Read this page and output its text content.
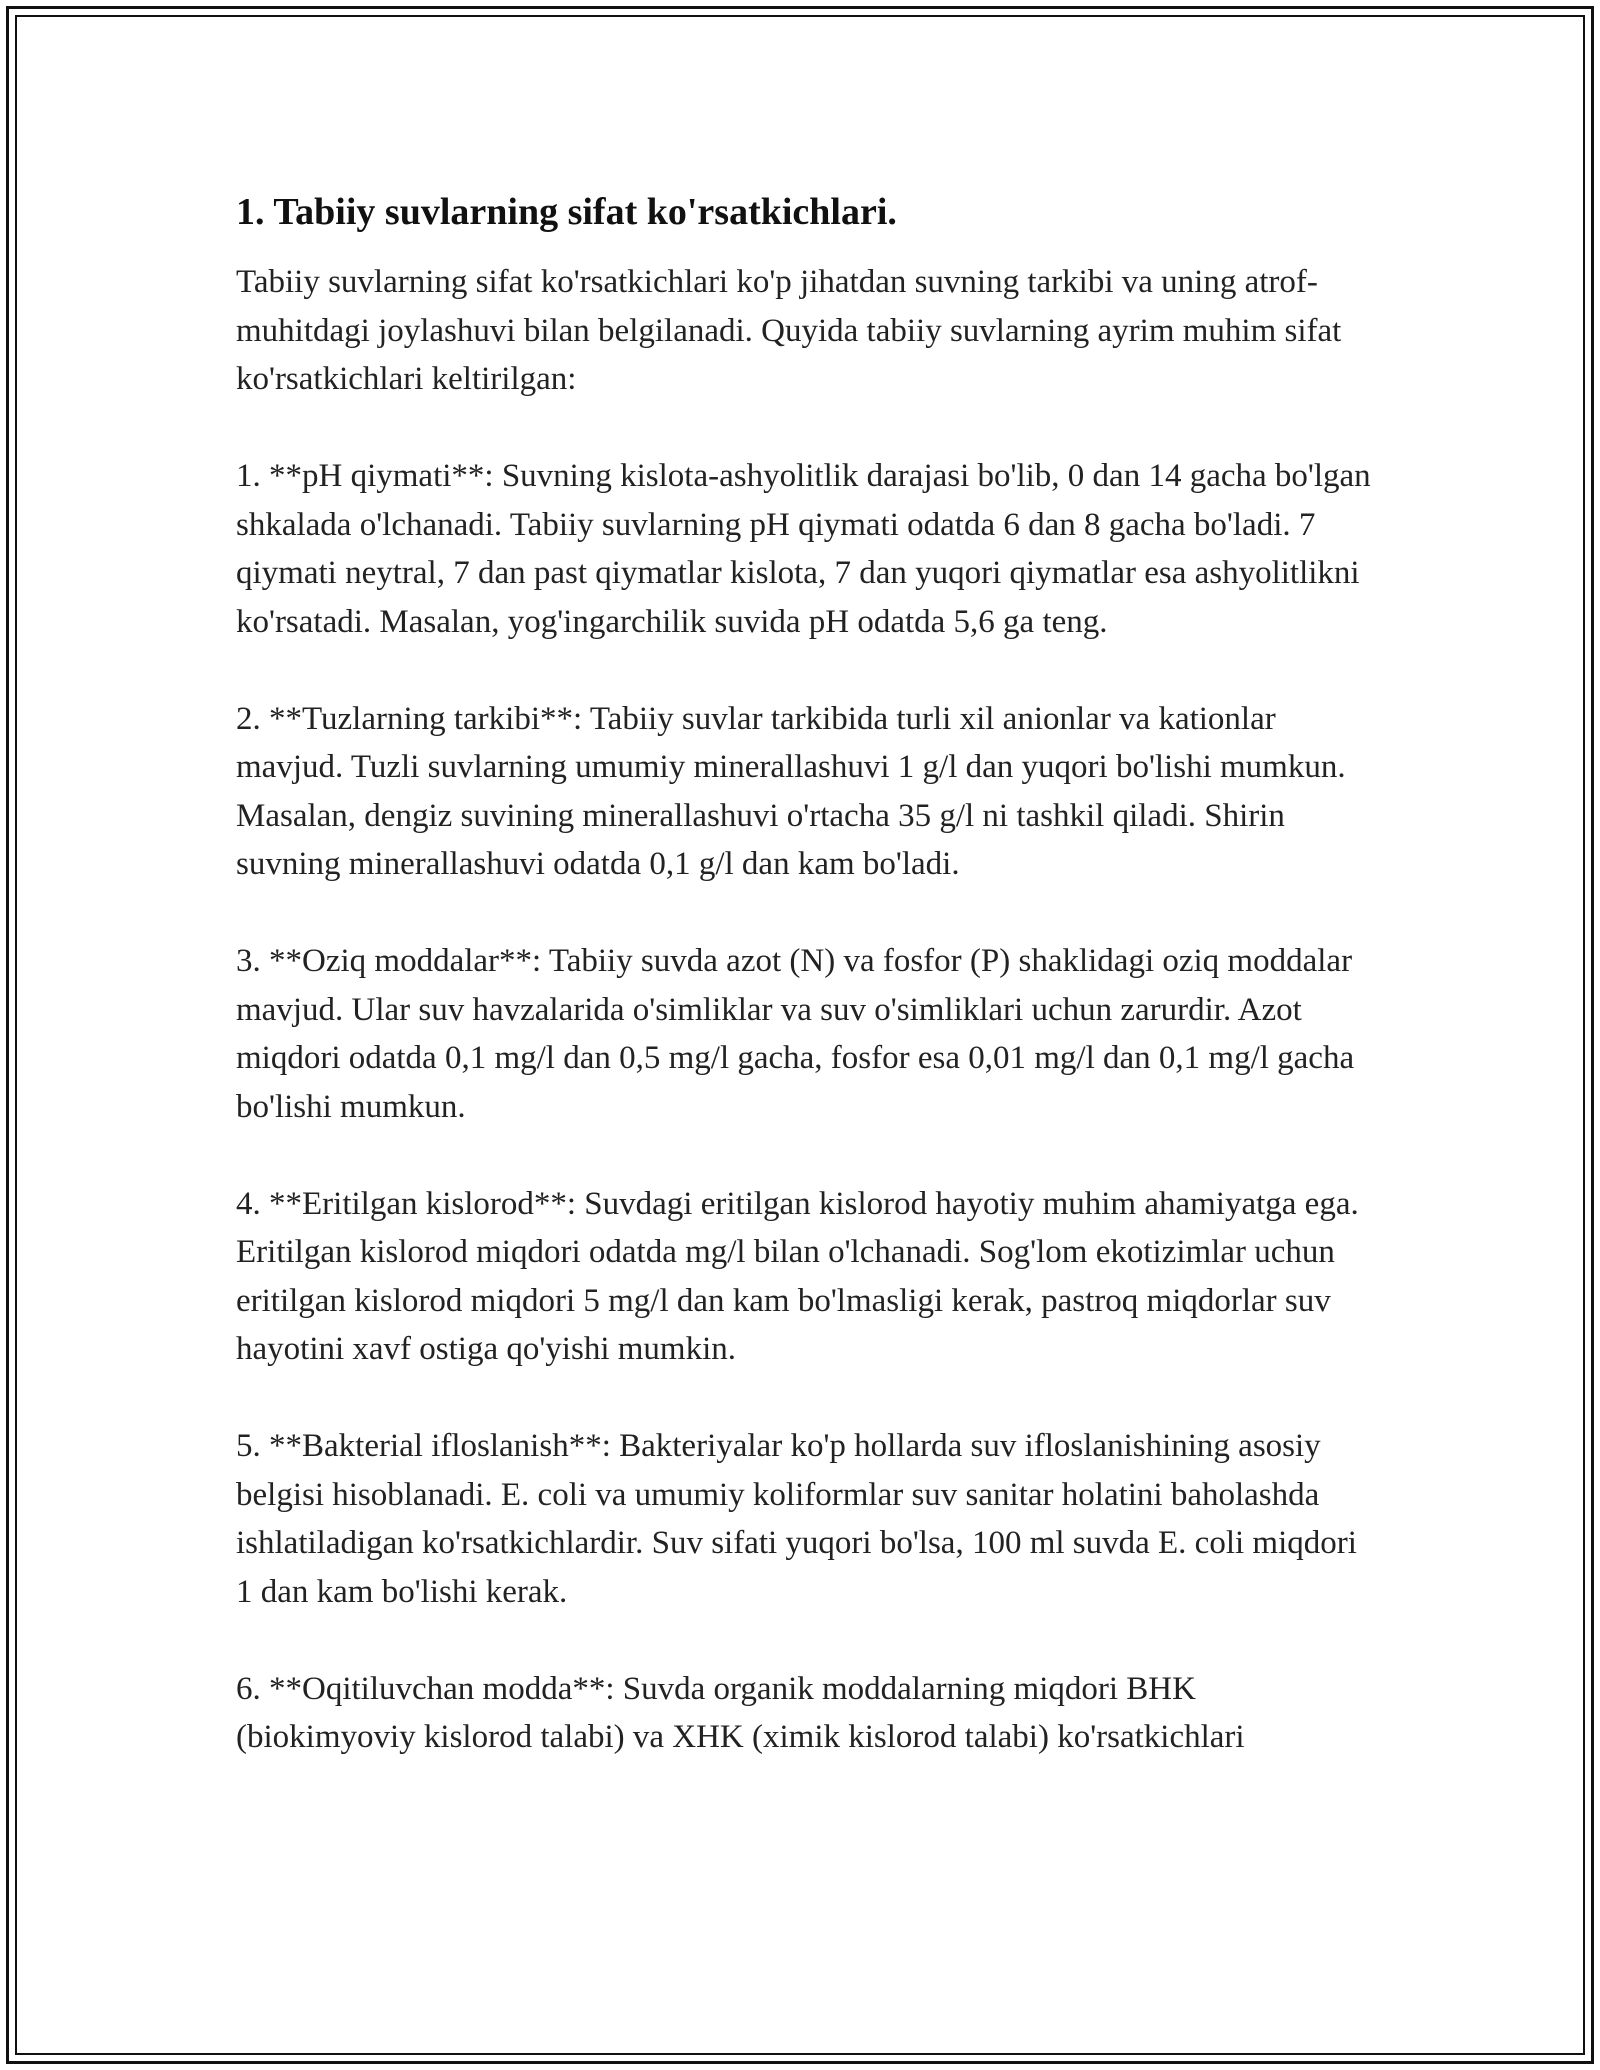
1. Tabiiy suvlarning sifat ko'rsatkichlari.

Tabiiy suvlarning sifat ko'rsatkichlari ko'p jihatdan suvning tarkibi va uning atrof-muhitdagi joylashuvi bilan belgilanadi. Quyida tabiiy suvlarning ayrim muhim sifat ko'rsatkichlari keltirilgan:

1. **pH qiymati**: Suvning kislota-ashyolitlik darajasi bo'lib, 0 dan 14 gacha bo'lgan shkalada o'lchanadi. Tabiiy suvlarning pH qiymati odatda 6 dan 8 gacha bo'ladi. 7 qiymati neytral, 7 dan past qiymatlar kislota, 7 dan yuqori qiymatlar esa ashyolitlikni ko'rsatadi. Masalan, yog'ingarchilik suvida pH odatda 5,6 ga teng.

2. **Tuzlarning tarkibi**: Tabiiy suvlar tarkibida turli xil anionlar va kationlar mavjud. Tuzli suvlarning umumiy minerallashuvi 1 g/l dan yuqori bo'lishi mumkun. Masalan, dengiz suvining minerallashuvi o'rtacha 35 g/l ni tashkil qiladi. Shirin suvning minerallashuvi odatda 0,1 g/l dan kam bo'ladi.

3. **Oziq moddalar**: Tabiiy suvda azot (N) va fosfor (P) shaklidagi oziq moddalar mavjud. Ular suv havzalarida o'simliklar va suv o'simliklari uchun zarurdir. Azot miqdori odatda 0,1 mg/l dan 0,5 mg/l gacha, fosfor esa 0,01 mg/l dan 0,1 mg/l gacha bo'lishi mumkun.

4. **Eritilgan kislorod**: Suvdagi eritilgan kislorod hayotiy muhim ahamiyatga ega. Eritilgan kislorod miqdori odatda mg/l bilan o'lchanadi. Sog'lom ekotizimlar uchun eritilgan kislorod miqdori 5 mg/l dan kam bo'lmasligi kerak, pastroq miqdorlar suv hayotini xavf ostiga qo'yishi mumkin.

5. **Bakterial ifloslanish**: Bakteriyalar ko'p hollarda suv ifloslanishining asosiy belgisi hisoblanadi. E. coli va umumiy koliformlar suv sanitar holatini baholashda ishlatiladigan ko'rsatkichlardir. Suv sifati yuqori bo'lsa, 100 ml suvda E. coli miqdori 1 dan kam bo'lishi kerak.

6. **Oqitiluvchan modda**: Suvda organik moddalarning miqdori BHK (biokimyoviy kislorod talabi) va XHK (ximik kislorod talabi) ko'rsatkichlari
